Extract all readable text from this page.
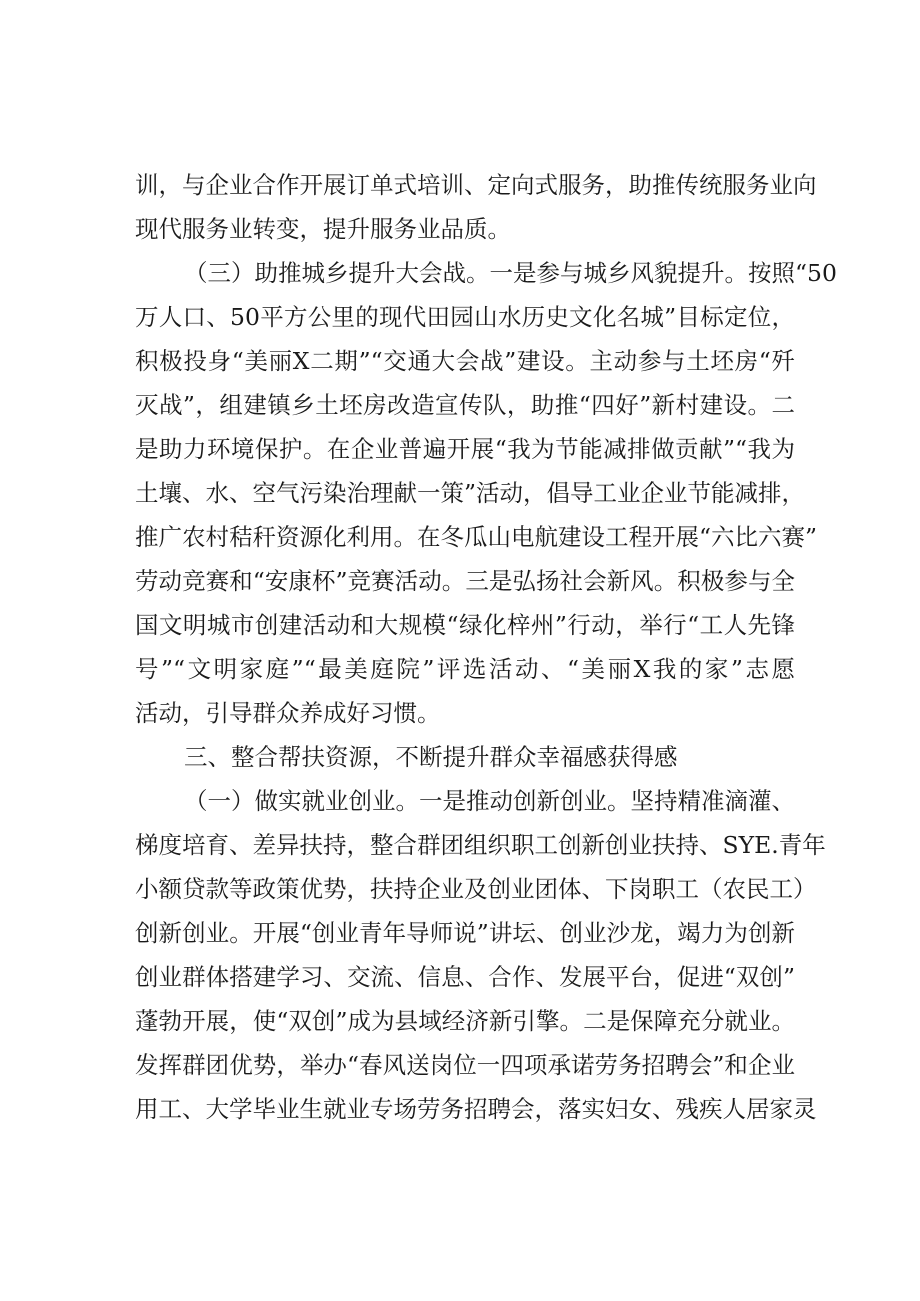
训，与企业合作开展订单式培训、定向式服务，助推传统服务业向
现代服务业转变，提升服务业品质。
（三）助推城乡提升大会战。一是参与城乡风貌提升。按照“50
万人口、50平方公里的现代田园山水历史文化名城”目标定位，
积极投身“美丽X二期”“交通大会战”建设。主动参与土坯房“歼
灭战”，组建镇乡土坯房改造宣传队，助推“四好”新村建设。二
是助力环境保护。在企业普遍开展“我为节能减排做贡献”“我为
土壤、水、空气污染治理献一策”活动，倡导工业企业节能减排，
推广农村秸秆资源化利用。在冬瓜山电航建设工程开展“六比六赛”
劳动竞赛和“安康杯”竞赛活动。三是弘扬社会新风。积极参与全
国文明城市创建活动和大规模“绿化梓州”行动，举行“工人先锋
号”“文明家庭”“最美庭院”评选活动、“美丽X我的家”志愿
活动，引导群众养成好习惯。
三、整合帮扶资源，不断提升群众幸福感获得感
（一）做实就业创业。一是推动创新创业。坚持精准滴灌、
梯度培育、差异扶持，整合群团组织职工创新创业扶持、SYE.青年
小额贷款等政策优势，扶持企业及创业团体、下岗职工（农民工）
创新创业。开展“创业青年导师说”讲坛、创业沙龙，竭力为创新
创业群体搭建学习、交流、信息、合作、发展平台，促进“双创”
蓬勃开展，使“双创”成为县域经济新引擎。二是保障充分就业。
发挥群团优势，举办“春风送岗位一四项承诺劳务招聘会”和企业
用工、大学毕业生就业专场劳务招聘会，落实妇女、残疾人居家灵
